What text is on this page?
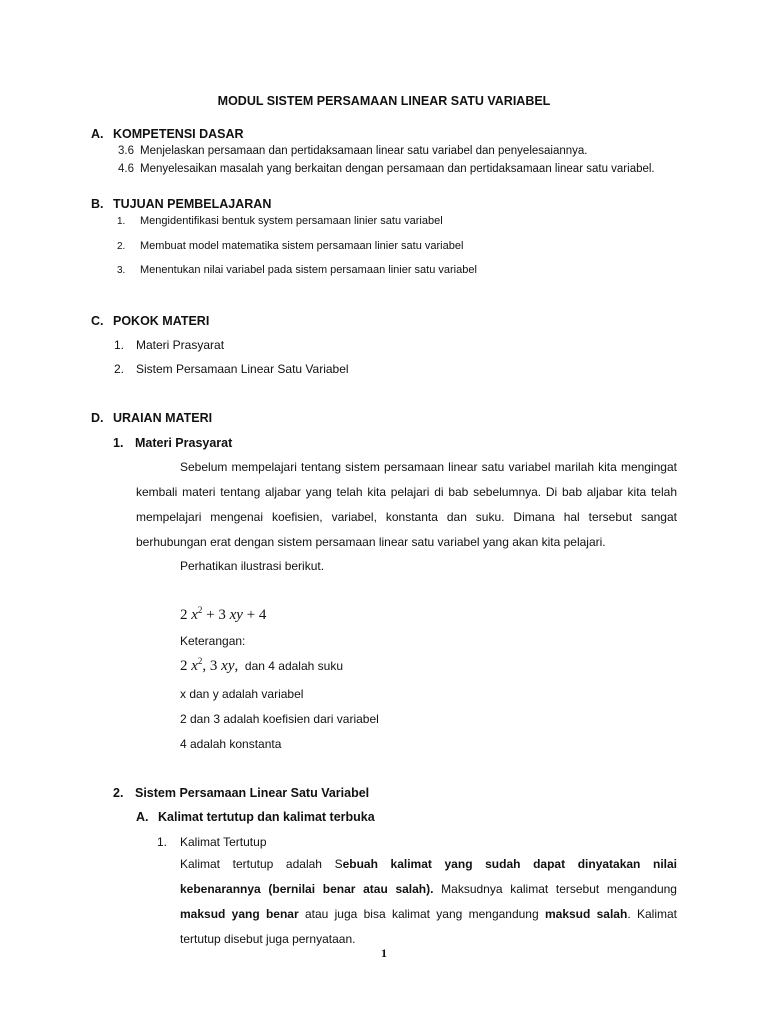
MODUL SISTEM PERSAMAAN LINEAR SATU VARIABEL
A. KOMPETENSI DASAR
3.6 Menjelaskan persamaan dan pertidaksamaan linear satu variabel dan penyelesaiannya.
4.6 Menyelesaikan masalah yang berkaitan dengan persamaan dan pertidaksamaan linear satu variabel.
B. TUJUAN PEMBELAJARAN
1. Mengidentifikasi bentuk system persamaan linier satu variabel
2. Membuat model matematika sistem persamaan linier satu variabel
3. Menentukan nilai variabel pada sistem persamaan linier satu variabel
C. POKOK MATERI
1. Materi Prasyarat
2. Sistem Persamaan Linear Satu Variabel
D. URAIAN MATERI
1. Materi Prasyarat
Sebelum mempelajari tentang sistem persamaan linear satu variabel marilah kita mengingat kembali materi tentang aljabar yang telah kita pelajari di bab sebelumnya. Di bab aljabar kita telah mempelajari mengenai koefisien, variabel, konstanta dan suku. Dimana hal tersebut sangat berhubungan erat dengan sistem persamaan linear satu variabel yang akan kita pelajari.
Perhatikan ilustrasi berikut.
2 $x^2 + 3$ xy + 4
Keterangan:
2 $x^2$, 3 xy, dan 4 adalah suku
x dan y adalah variabel
2 dan 3 adalah koefisien dari variabel
4 adalah konstanta
2. Sistem Persamaan Linear Satu Variabel
A. Kalimat tertutup dan kalimat terbuka
1. Kalimat Tertutup
Kalimat tertutup adalah Sebuah kalimat yang sudah dapat dinyatakan nilai kebenarannya (bernilai benar atau salah). Maksudnya kalimat tersebut mengandung maksud yang benar atau juga bisa kalimat yang mengandung maksud salah. Kalimat tertutup disebut juga pernyataan.
1
